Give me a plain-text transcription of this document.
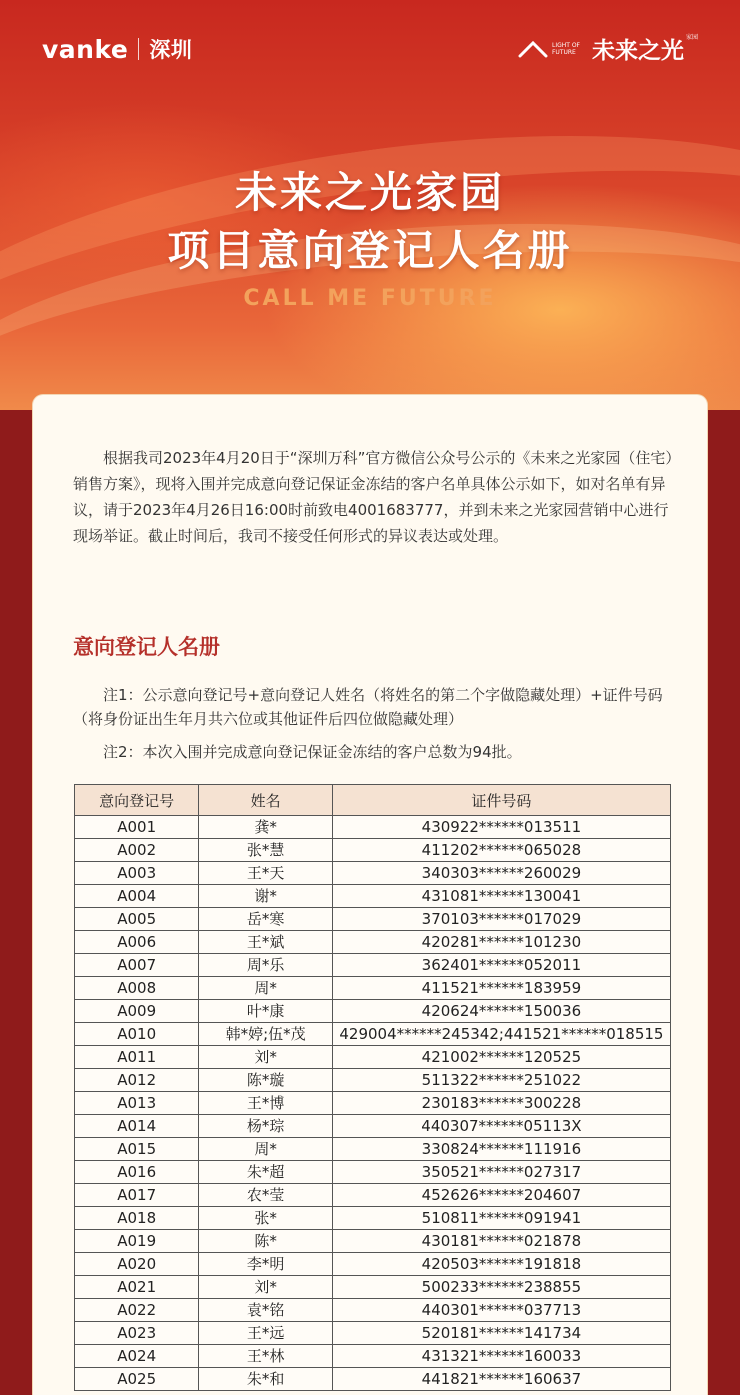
vanke 深圳	LIGHT OF FUTURE 未来之光
家园
未来之光家园
项目意向登记人名册
CALL ME FUTURE
根据我司2023年4月20日于“深圳万科”官方微信公众号公示的《未来之光家园（住宅）销售方案》，现将入围并完成意向登记保证金冻结的客户名单具体公示如下，如对名单有异议，请于2023年4月26日16:00时前致电4001683777，并到未来之光家园营销中心进行现场举证。截止时间后，我司不接受任何形式的异议表达或处理。
意向登记人名册
注1：公示意向登记号+意向登记人姓名（将姓名的第二个字做隐藏处理）+证件号码（将身份证出生年月共六位或其他证件后四位做隐藏处理）
注2：本次入围并完成意向登记保证金冻结的客户总数为94批。
意向登记号	姓名	证件号码
A001	龚*	430922******013511
A002	张*慧	411202******065028
A003	王*天	340303******260029
A004	谢*	431081******130041
A005	岳*寒	370103******017029
A006	王*斌	420281******101230
A007	周*乐	362401******052011
A008	周*	411521******183959
A009	叶*康	420624******150036
A010	韩*婷;伍*茂	429004******245342;441521******018515
A011	刘*	421002******120525
A012	陈*璇	511322******251022
A013	王*博	230183******300228
A014	杨*琮	440307******05113X
A015	周*	330824******111916
A016	朱*超	350521******027317
A017	农*莹	452626******204607
A018	张*	510811******091941
A019	陈*	430181******021878
A020	李*明	420503******191818
A021	刘*	500233******238855
A022	袁*铭	440301******037713
A023	王*远	520181******141734
A024	王*林	431321******160033
A025	朱*和	441821******160637
